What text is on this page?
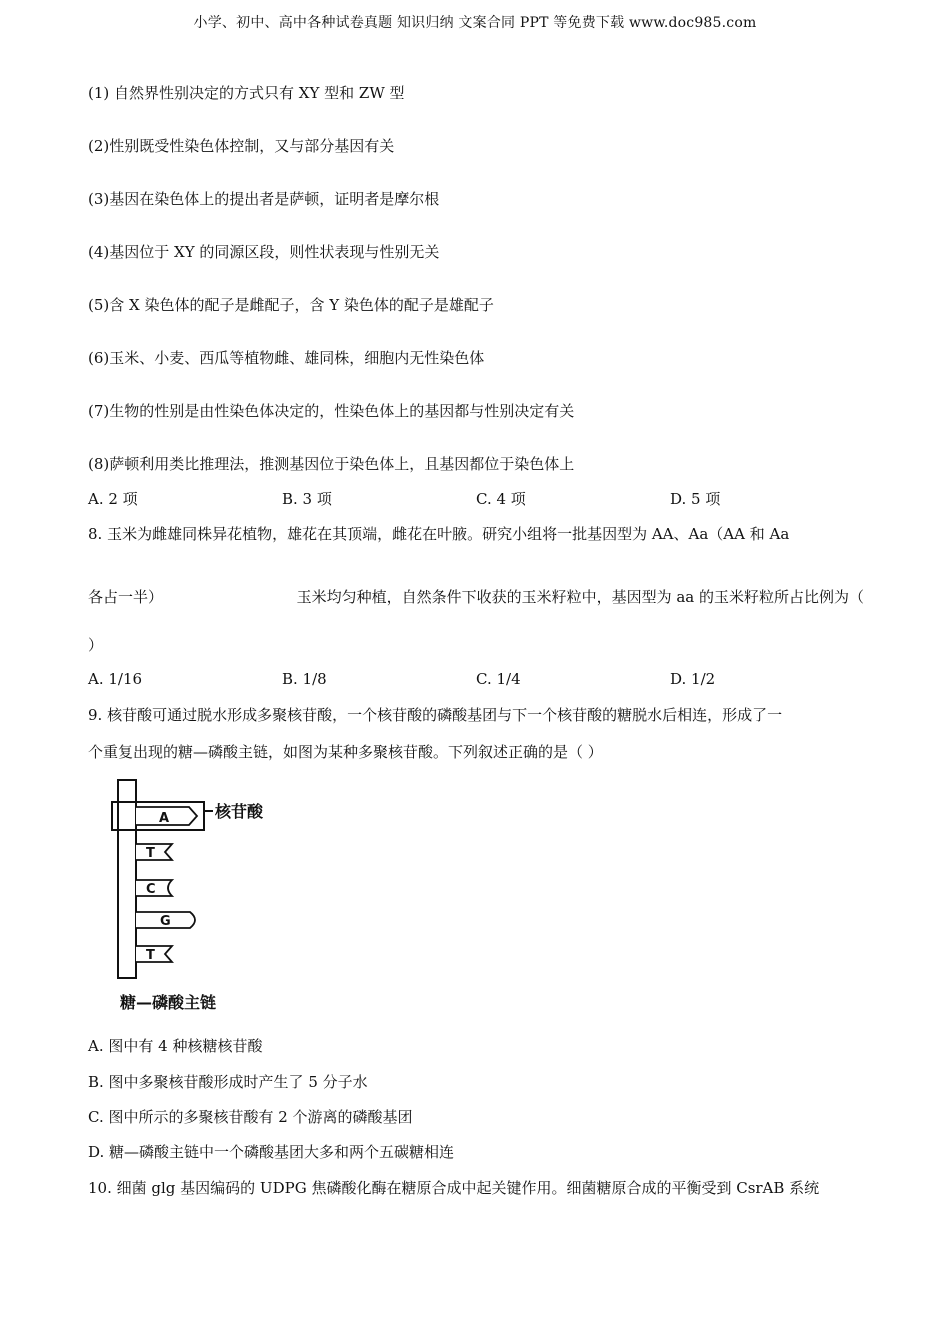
小学、初中、高中各种试卷真题 知识归纳 文案合同 PPT 等免费下载 www.doc985.com
(1) 自然界性别决定的方式只有 XY 型和 ZW 型
(2)性别既受性染色体控制，又与部分基因有关
(3)基因在染色体上的提出者是萨顿，证明者是摩尔根
(4)基因位于 XY 的同源区段，则性状表现与性别无关
(5)含 X 染色体的配子是雌配子，含 Y 染色体的配子是雄配子
(6)玉米、小麦、西瓜等植物雌、雄同株，细胞内无性染色体
(7)生物的性别是由性染色体决定的，性染色体上的基因都与性别决定有关
(8)萨顿利用类比推理法，推测基因位于染色体上，且基因都位于染色体上
A. 2 项	B. 3 项	C. 4 项	D. 5 项
8. 玉米为雌雄同株异花植物，雄花在其顶端，雌花在叶腋。研究小组将一批基因型为 AA、Aa（AA 和 Aa
各占一半）	玉米均匀种植，自然条件下收获的玉米籽粒中，基因型为 aa 的玉米籽粒所占比例为（
）
A. 1/16	B. 1/8	C. 1/4	D. 1/2
9. 核苷酸可通过脱水形成多聚核苷酸，一个核苷酸的磷酸基团与下一个核苷酸的糖脱水后相连，形成了一
个重复出现的糖—磷酸主链，如图为某种多聚核苷酸。下列叙述正确的是（ ）
核苷酸
A
T
C
G
T
糖—磷酸主链
A. 图中有 4 种核糖核苷酸
B. 图中多聚核苷酸形成时产生了 5 分子水
C. 图中所示的多聚核苷酸有 2 个游离的磷酸基团
D. 糖—磷酸主链中一个磷酸基团大多和两个五碳糖相连
10. 细菌 glg 基因编码的 UDPG 焦磷酸化酶在糖原合成中起关键作用。细菌糖原合成的平衡受到 CsrAB 系统
